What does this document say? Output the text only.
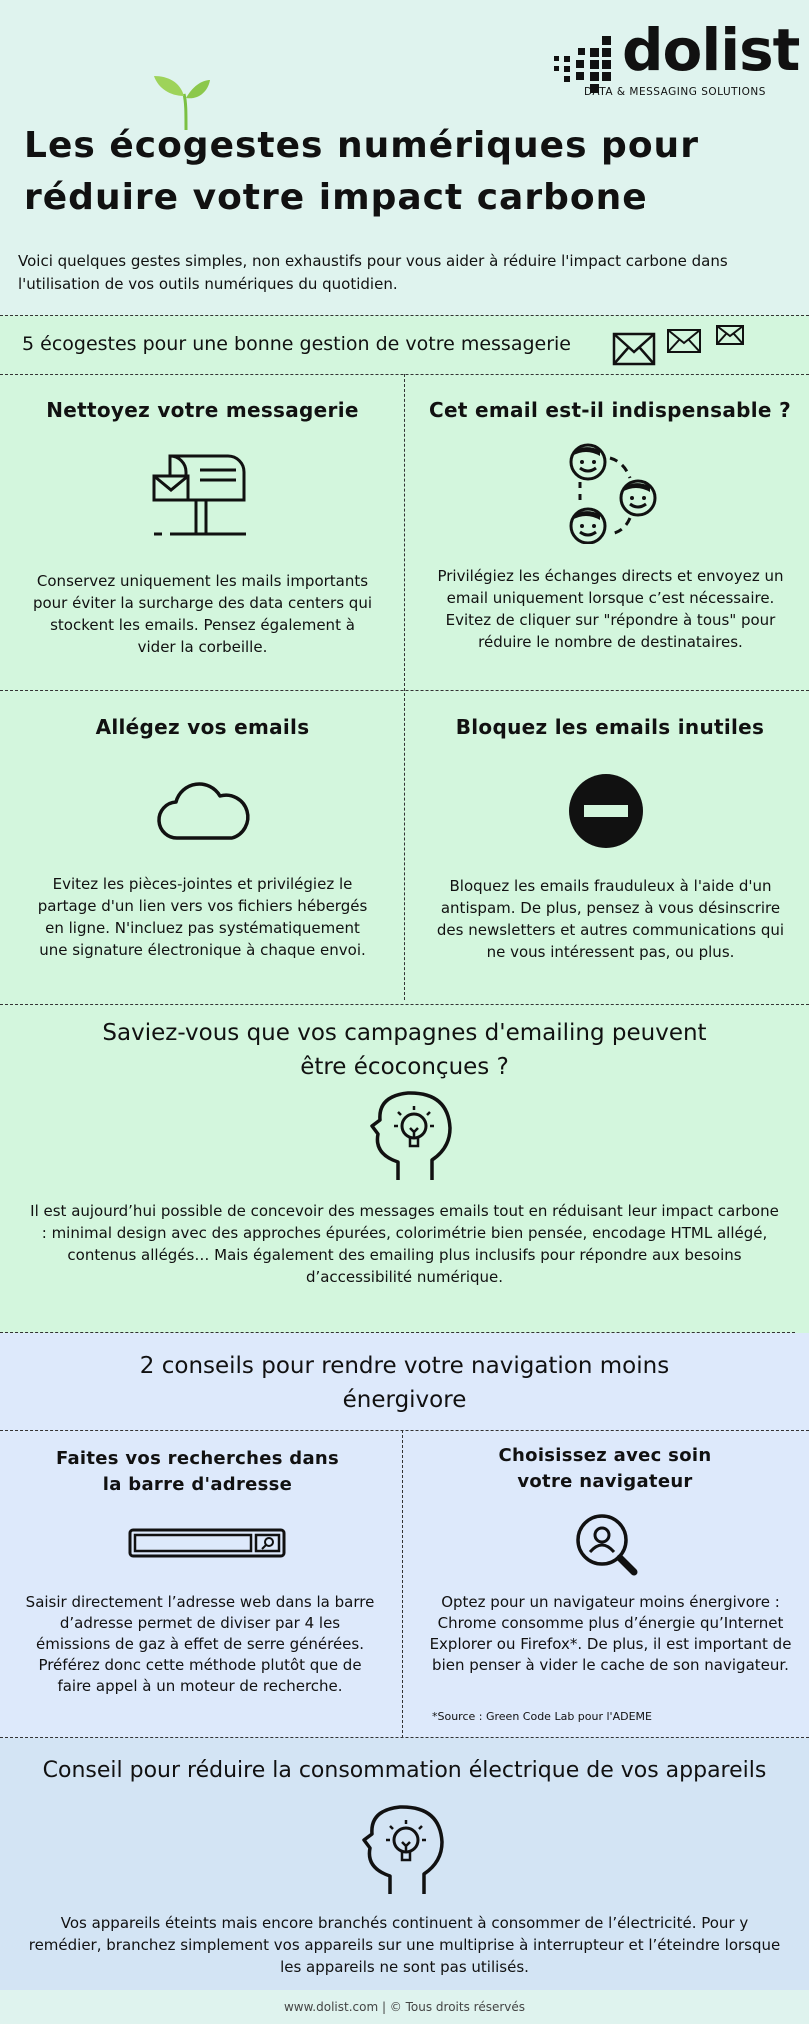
dolist
DATA & MESSAGING SOLUTIONS
Les écogestes numériques pour
réduire votre impact carbone

Voici quelques gestes simples, non exhaustifs pour vous aider à réduire l'impact carbone dans l'utilisation de vos outils numériques du quotidien.

5 écogestes pour une bonne gestion de votre messagerie
Nettoyez votre messagerie

Conservez uniquement les mails importants pour éviter la surcharge des data centers qui stockent les emails. Pensez également à vider la corbeille.

Cet email est-il indispensable ?

Privilégiez les échanges directs et envoyez un email uniquement lorsque c’est nécessaire. Evitez de cliquer sur "répondre à tous" pour réduire le nombre de destinataires.

Allégez vos emails

Evitez les pièces-jointes et privilégiez le partage d'un lien vers vos fichiers hébergés en ligne. N'incluez pas systématiquement une signature électronique à chaque envoi.

Bloquez les emails inutiles

Bloquez les emails frauduleux à l'aide d'un antispam. De plus, pensez à vous désinscrire des newsletters et autres communications qui ne vous intéressent pas, ou plus.

Saviez-vous que vos campagnes d'emailing peuvent
être écoconçues ?

Il est aujourd’hui possible de concevoir des messages emails tout en réduisant leur impact carbone : minimal design avec des approches épurées, colorimétrie bien pensée, encodage HTML allégé, contenus allégés… Mais également des emailing plus inclusifs pour répondre aux besoins d’accessibilité numérique.

2 conseils pour rendre votre navigation moins
énergivore
Faites vos recherches dans
la barre d'adresse

Saisir directement l’adresse web dans la barre d’adresse permet de diviser par 4 les émissions de gaz à effet de serre générées. Préférez donc cette méthode plutôt que de faire appel à un moteur de recherche.

Choisissez avec soin
votre navigateur

Optez pour un navigateur moins énergivore : Chrome consomme plus d’énergie qu’Internet Explorer ou Firefox*. De plus, il est important de bien penser à vider le cache de son navigateur.

*Source : Green Code Lab pour l'ADEME
Conseil pour réduire la consommation électrique de vos appareils

Vos appareils éteints mais encore branchés continuent à consommer de l’électricité. Pour y remédier, branchez simplement vos appareils sur une multiprise à interrupteur et l’éteindre lorsque les appareils ne sont pas utilisés.

www.dolist.com | © Tous droits réservés
